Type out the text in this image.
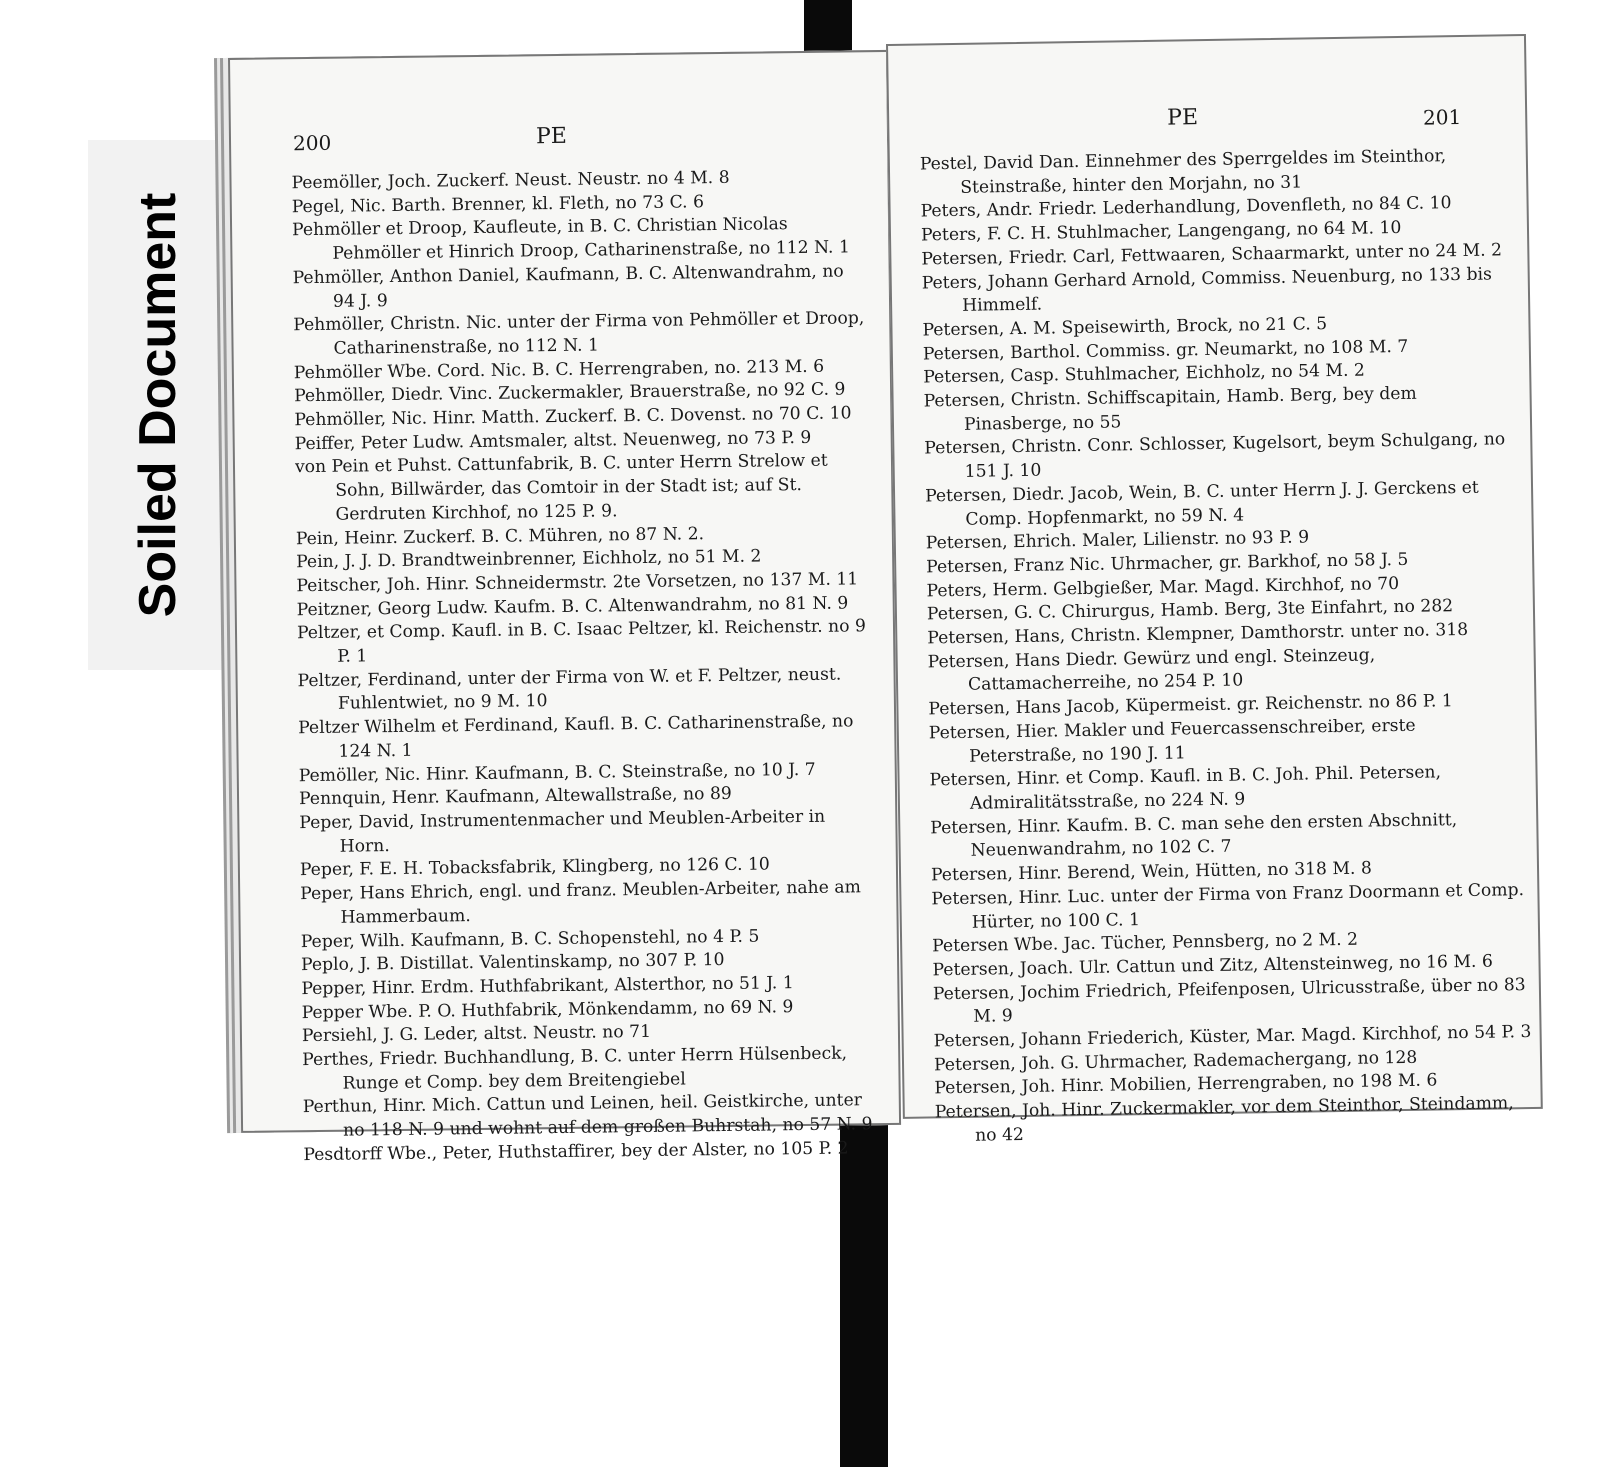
Soiled Document
200	PE

Peemöller, Joch. Zuckerf. Neust. Neustr. no 4 M. 8

Pegel, Nic. Barth. Brenner, kl. Fleth, no 73 C. 6

Pehmöller et Droop, Kaufleute, in B. C. Christian Nicolas Pehmöller et Hinrich Droop, Catharinenstraße, no 112 N. 1

Pehmöller, Anthon Daniel, Kaufmann, B. C. Altenwandrahm, no 94 J. 9

Pehmöller, Christn. Nic. unter der Firma von Pehmöller et Droop, Catharinenstraße, no 112 N. 1

Pehmöller Wbe. Cord. Nic. B. C. Herrengraben, no. 213 M. 6

Pehmöller, Diedr. Vinc. Zuckermakler, Brauerstraße, no 92 C. 9

Pehmöller, Nic. Hinr. Matth. Zuckerf. B. C. Dovenst. no 70 C. 10

Peiffer, Peter Ludw. Amtsmaler, altst. Neuenweg, no 73 P. 9

von Pein et Puhst. Cattunfabrik, B. C. unter Herrn Strelow et Sohn, Billwärder, das Comtoir in der Stadt ist; auf St. Gerdruten Kirchhof, no 125 P. 9.

Pein, Heinr. Zuckerf. B. C. Mühren, no 87 N. 2.

Pein, J. J. D. Brandtweinbrenner, Eichholz, no 51 M. 2

Peitscher, Joh. Hinr. Schneidermstr. 2te Vorsetzen, no 137 M. 11

Peitzner, Georg Ludw. Kaufm. B. C. Altenwandrahm, no 81 N. 9

Peltzer, et Comp. Kaufl. in B. C. Isaac Peltzer, kl. Reichenstr. no 9 P. 1

Peltzer, Ferdinand, unter der Firma von W. et F. Peltzer, neust. Fuhlentwiet, no 9 M. 10

Peltzer Wilhelm et Ferdinand, Kaufl. B. C. Catharinenstraße, no 124 N. 1

Pemöller, Nic. Hinr. Kaufmann, B. C. Steinstraße, no 10 J. 7

Pennquin, Henr. Kaufmann, Altewallstraße, no 89

Peper, David, Instrumentenmacher und Meublen-Arbeiter in Horn.

Peper, F. E. H. Tobacksfabrik, Klingberg, no 126 C. 10

Peper, Hans Ehrich, engl. und franz. Meublen-Arbeiter, nahe am Hammerbaum.

Peper, Wilh. Kaufmann, B. C. Schopenstehl, no 4 P. 5

Peplo, J. B. Distillat. Valentinskamp, no 307 P. 10

Pepper, Hinr. Erdm. Huthfabrikant, Alsterthor, no 51 J. 1

Pepper Wbe. P. O. Huthfabrik, Mönkendamm, no 69 N. 9

Persiehl, J. G. Leder, altst. Neustr. no 71

Perthes, Friedr. Buchhandlung, B. C. unter Herrn Hülsenbeck, Runge et Comp. bey dem Breitengiebel

Perthun, Hinr. Mich. Cattun und Leinen, heil. Geistkirche, unter no 118 N. 9 und wohnt auf dem großen Buhrstah, no 57 N. 9

Pesdtorff Wbe., Peter, Huthstaffirer, bey der Alster, no 105 P. 2

PE	201

Pestel, David Dan. Einnehmer des Sperrgeldes im Steinthor, Steinstraße, hinter den Morjahn, no 31

Peters, Andr. Friedr. Lederhandlung, Dovenfleth, no 84 C. 10

Peters, F. C. H. Stuhlmacher, Langengang, no 64 M. 10

Petersen, Friedr. Carl, Fettwaaren, Schaarmarkt, unter no 24 M. 2

Peters, Johann Gerhard Arnold, Commiss. Neuenburg, no 133 bis Himmelf.

Petersen, A. M. Speisewirth, Brock, no 21 C. 5

Petersen, Barthol. Commiss. gr. Neumarkt, no 108 M. 7

Petersen, Casp. Stuhlmacher, Eichholz, no 54 M. 2

Petersen, Christn. Schiffscapitain, Hamb. Berg, bey dem Pinasberge, no 55

Petersen, Christn. Conr. Schlosser, Kugelsort, beym Schulgang, no 151 J. 10

Petersen, Diedr. Jacob, Wein, B. C. unter Herrn J. J. Gerckens et Comp. Hopfenmarkt, no 59 N. 4

Petersen, Ehrich. Maler, Lilienstr. no 93 P. 9

Petersen, Franz Nic. Uhrmacher, gr. Barkhof, no 58 J. 5

Peters, Herm. Gelbgießer, Mar. Magd. Kirchhof, no 70

Petersen, G. C. Chirurgus, Hamb. Berg, 3te Einfahrt, no 282

Petersen, Hans, Christn. Klempner, Damthorstr. unter no. 318

Petersen, Hans Diedr. Gewürz und engl. Steinzeug, Cattamacherreihe, no 254 P. 10

Petersen, Hans Jacob, Küpermeist. gr. Reichenstr. no 86 P. 1

Petersen, Hier. Makler und Feuercassenschreiber, erste Peterstraße, no 190 J. 11

Petersen, Hinr. et Comp. Kaufl. in B. C. Joh. Phil. Petersen, Admiralitätsstraße, no 224 N. 9

Petersen, Hinr. Kaufm. B. C. man sehe den ersten Abschnitt, Neuenwandrahm, no 102 C. 7

Petersen, Hinr. Berend, Wein, Hütten, no 318 M. 8

Petersen, Hinr. Luc. unter der Firma von Franz Doormann et Comp. Hürter, no 100 C. 1

Petersen Wbe. Jac. Tücher, Pennsberg, no 2 M. 2

Petersen, Joach. Ulr. Cattun und Zitz, Altensteinweg, no 16 M. 6

Petersen, Jochim Friedrich, Pfeifenposen, Ulricusstraße, über no 83 M. 9

Petersen, Johann Friederich, Küster, Mar. Magd. Kirchhof, no 54 P. 3

Petersen, Joh. G. Uhrmacher, Rademachergang, no 128

Petersen, Joh. Hinr. Mobilien, Herrengraben, no 198 M. 6

Petersen, Joh. Hinr. Zuckermakler, vor dem Steinthor, Steindamm, no 42
